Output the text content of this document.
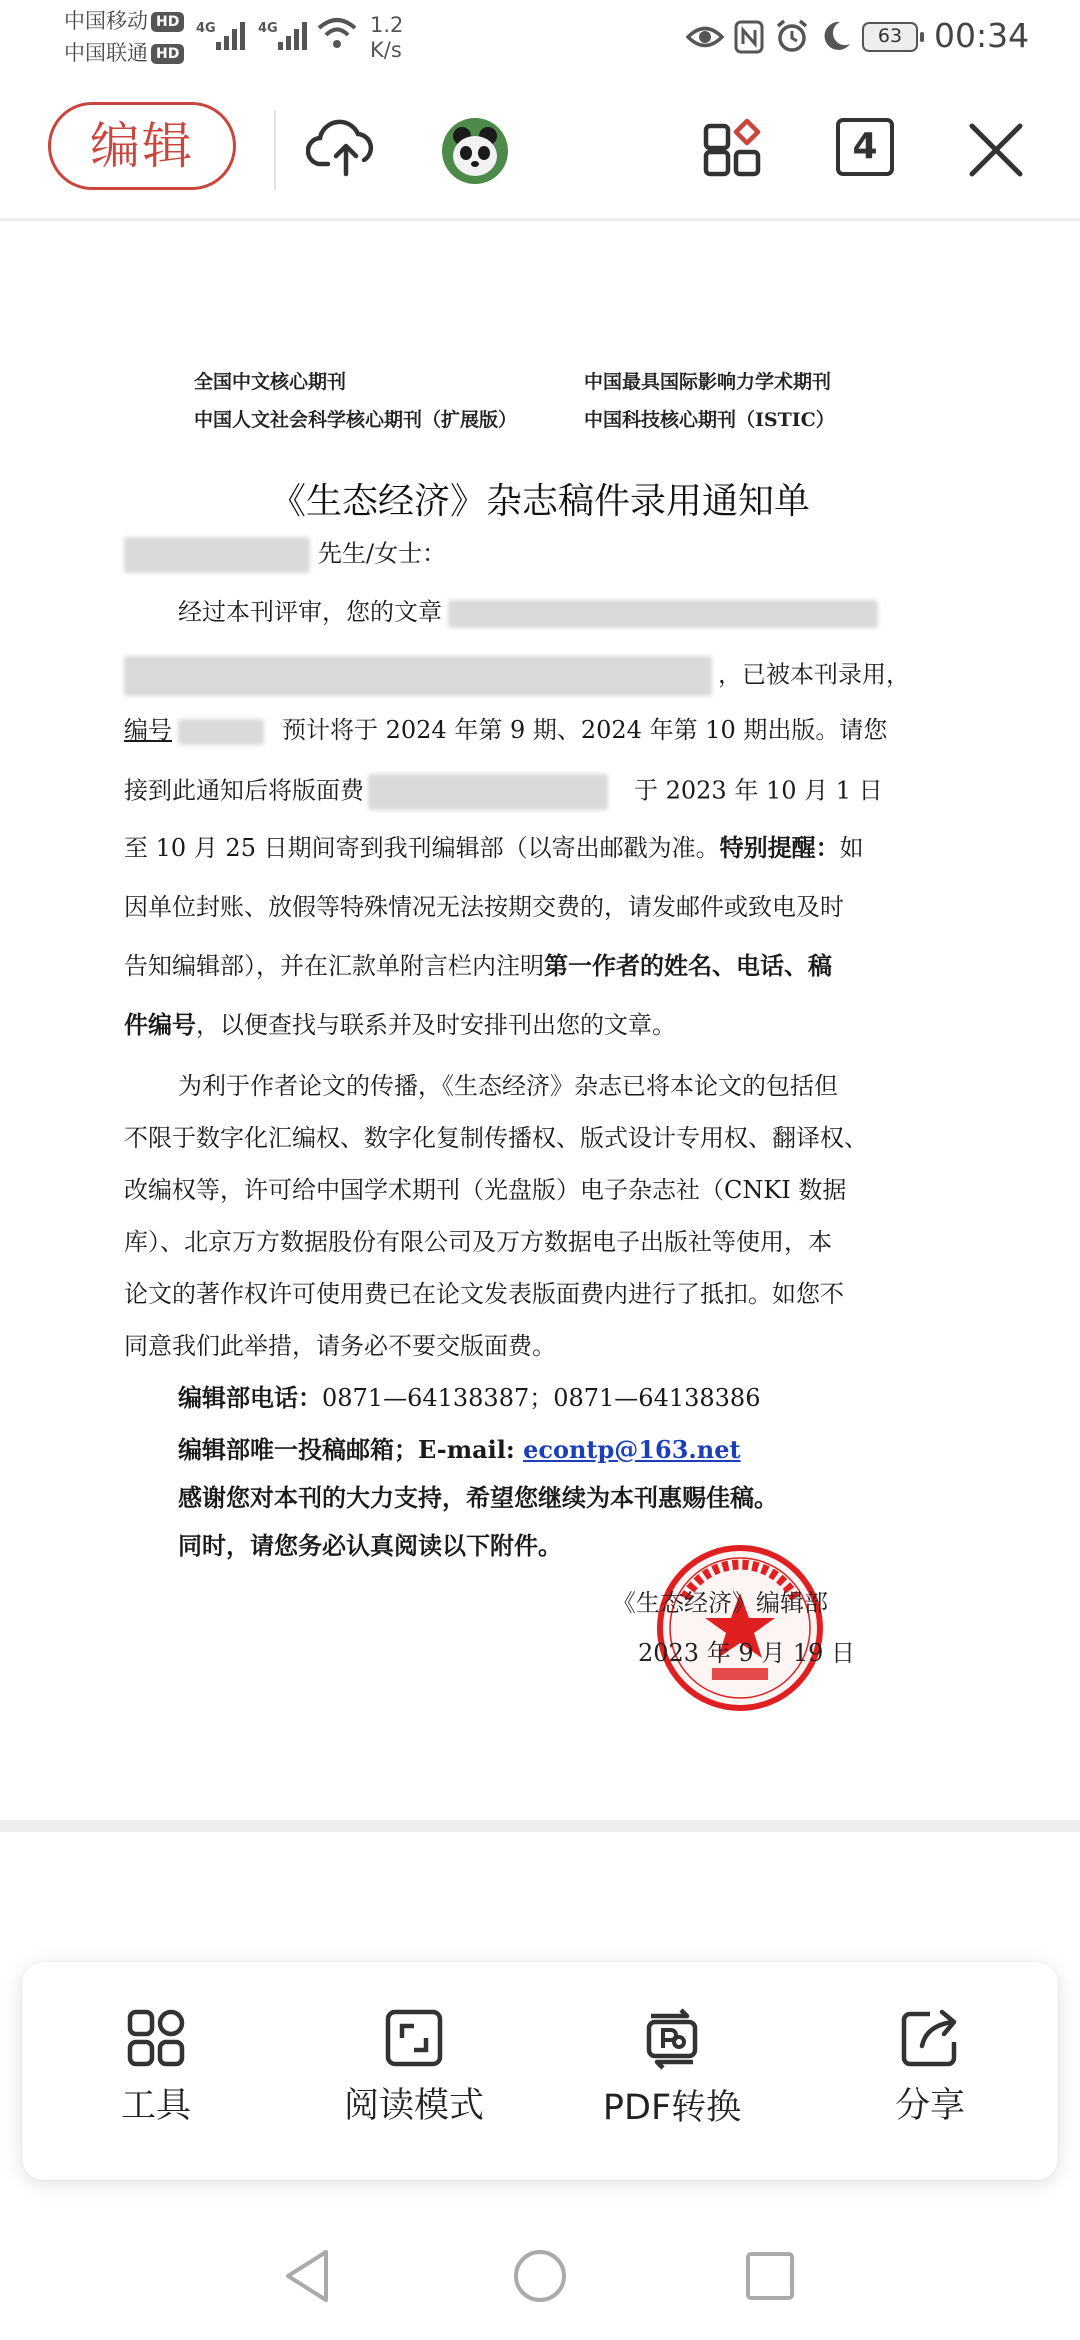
中国移动 HD
中国联通 HD
4G	4G	1.2
K/s
63 00:34
编辑	4
全国中文核心期刊
中国人文社会科学核心期刊（扩展版）
中国最具国际影响力学术期刊
中国科技核心期刊（ISTIC）
《生态经济》杂志稿件录用通知单
先生/女士：
经过本刊评审，您的文章
，已被本刊录用，
编号	预计将于 2024 年第 9 期、2024 年第 10 期出版。请您
接到此通知后将版面费	于 2023 年 10 月 1 日
至 10 月 25 日期间寄到我刊编辑部（以寄出邮戳为准。特别提醒：如
因单位封账、放假等特殊情况无法按期交费的，请发邮件或致电及时
告知编辑部），并在汇款单附言栏内注明第一作者的姓名、电话、稿
件编号，以便查找与联系并及时安排刊出您的文章。
为利于作者论文的传播，《生态经济》杂志已将本论文的包括但
不限于数字化汇编权、数字化复制传播权、版式设计专用权、翻译权、
改编权等，许可给中国学术期刊（光盘版）电子杂志社（CNKI 数据
库）、北京万方数据股份有限公司及万方数据电子出版社等使用，本
论文的著作权许可使用费已在论文发表版面费内进行了抵扣。如您不
同意我们此举措，请务必不要交版面费。
编辑部电话：0871—64138387；0871—64138386
编辑部唯一投稿邮箱；E-mail: econtp@163.net
感谢您对本刊的大力支持，希望您继续为本刊惠赐佳稿。
同时，请您务必认真阅读以下附件。
《生态经济》编辑部
2023 年 9 月 19 日
工具	阅读模式	PDF转换	分享
